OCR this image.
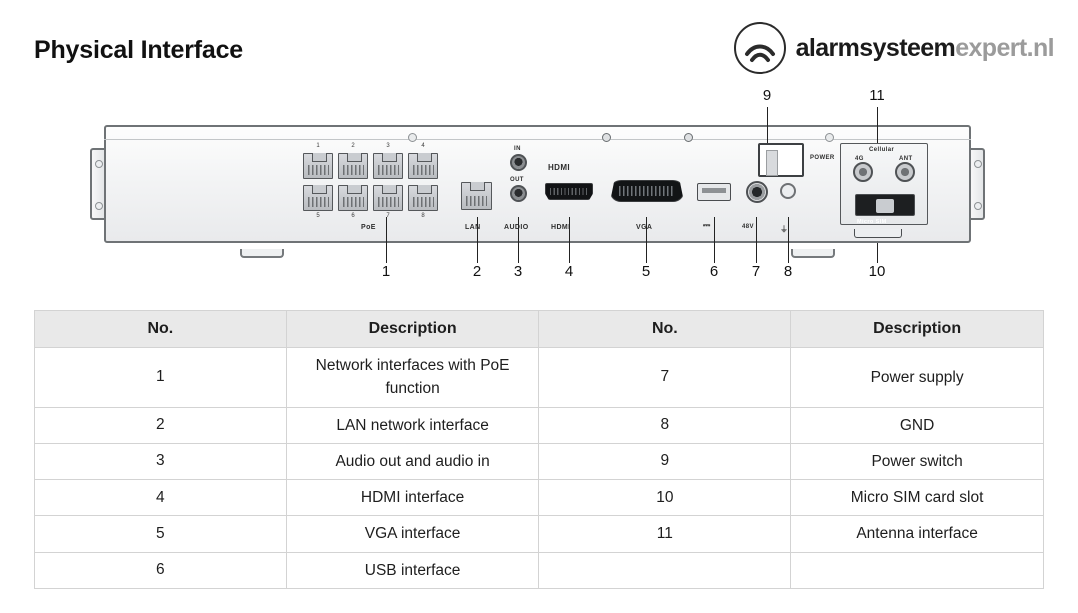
Physical Interface	alarmsysteemexpert.nl
1	2	3	4
5	6	7	8
PoE	LAN
IN
OUT
AUDIO
HDMI
HDMI	VGA	⎓	48V	⏚
POWER
Cellular
4G	ANT
Micro SIM
1	2	3	4	5	6	7	8
9	11
10
No.	Description	No.	Description
1	Network interfaces with PoE function	7	Power supply
2	LAN network interface	8	GND
3	Audio out and audio in	9	Power switch
4	HDMI interface	10	Micro SIM card slot
5	VGA interface	11	Antenna interface
6	USB interface		
